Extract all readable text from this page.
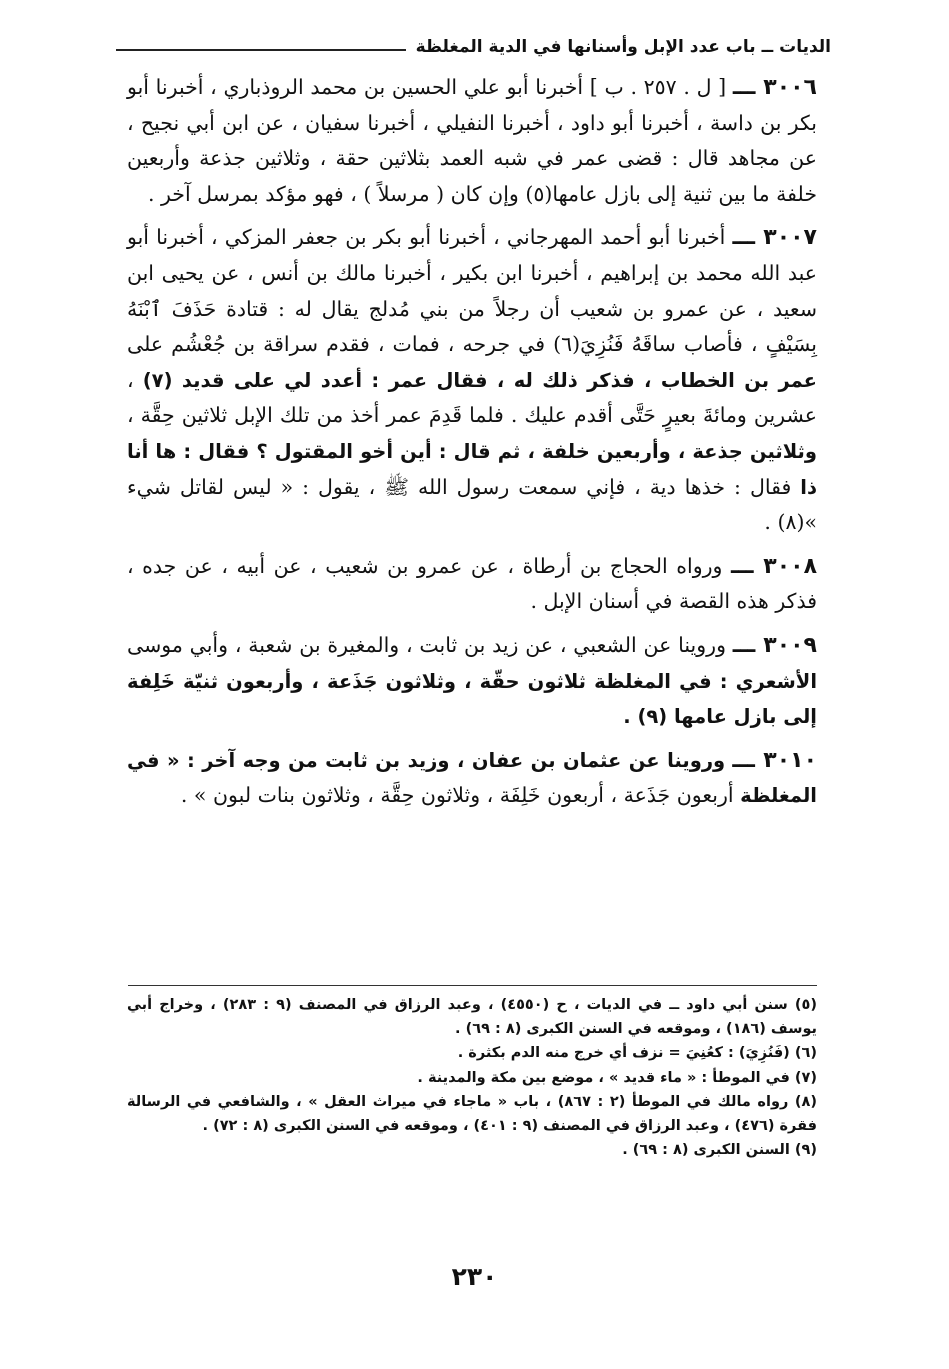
الديات ــ باب عدد الإبل وأسنانها في الدية المغلظة

٣٠٠٦ ـــ [ ل . ٢٥٧ . ب ] أخبرنا أبو علي الحسين بن محمد الروذباري ، أخبرنا أبو بكر بن داسة ، أخبرنا أبو داود ، أخبرنا النفيلي ، أخبرنا سفيان ، عن ابن أبي نجيح ، عن مجاهد قال : قضى عمر في شبه العمد بثلاثين حقة ، وثلاثين جذعة وأربعين خلفة ما بين ثنية إلى بازل عامها(٥) وإن كان ( مرسلاً ) ، فهو مؤكد بمرسل آخر .

٣٠٠٧ ـــ أخبرنا أبو أحمد المهرجاني ، أخبرنا أبو بكر بن جعفر المزكي ، أخبرنا أبو عبد الله محمد بن إبراهيم ، أخبرنا ابن بكير ، أخبرنا مالك بن أنس ، عن يحيى ابن سعيد ، عن عمرو بن شعيب أن رجلاً من بني مُدلج يقال له : قتادة حَذَفَ ٱبْنَهُ بِسَيْفٍ ، فأصاب ساقَهُ فَنُزِيَ(٦) في جرحه ، فمات ، فقدم سراقة بن جُعْشُم على عمر بن الخطاب ، فذكر ذلك له ، فقال عمر : أعدد لي على قديد (٧) ، عشرين ومائةَ بعيرٍ حَتَّى أقدم عليك . فلما قَدِمَ عمر أخذ من تلك الإبل ثلاثين حِقَّة ، وثلاثين جذعة ، وأربعين خلفة ، ثم قال : أين أخو المقتول ؟ فقال : ها أنا ذا فقال : خذها دية ، فإني سمعت رسول الله ﷺ ، يقول : « ليس لقاتل شيء »(٨) .

٣٠٠٨ ـــ ورواه الحجاج بن أرطاة ، عن عمرو بن شعيب ، عن أبيه ، عن جده ، فذكر هذه القصة في أسنان الإبل .

٣٠٠٩ ـــ وروينا عن الشعبي ، عن زيد بن ثابت ، والمغيرة بن شعبة ، وأبي موسى الأشعري : في المغلظة ثلاثون حقّة ، وثلاثون جَذَعة ، وأربعون ثنيّة خَلِفة إلى بازل عامها (٩) .

٣٠١٠ ـــ وروينا عن عثمان بن عفان ، وزيد بن ثابت من وجه آخر : « في المغلظة أربعون جَذَعة ، أربعون خَلِفَة ، وثلاثون حِقَّة ، وثلاثون بنات لبون » .

(٥) سنن أبي داود ــ في الديات ، ح (٤٥٥٠) ، وعبد الرزاق في المصنف (٩ : ٢٨٣) ، وخراج أبي يوسف (١٨٦) ، وموقعه في السنن الكبرى (٨ : ٦٩) .

(٦) (فَنُزِيَ) : كعُنِيَ = نزف أي خرج منه الدم بكثرة .

(٧) في الموطأ : « ماء قديد » ، موضع بين مكة والمدينة .

(٨) رواه مالك في الموطأ (٢ : ٨٦٧) ، باب « ماجاء في ميراث العقل » ، والشافعي في الرسالة فقرة (٤٧٦) ، وعبد الرزاق في المصنف (٩ : ٤٠١) ، وموقعه في السنن الكبرى (٨ : ٧٢) .

(٩) السنن الكبرى (٨ : ٦٩) .

٢٣٠
